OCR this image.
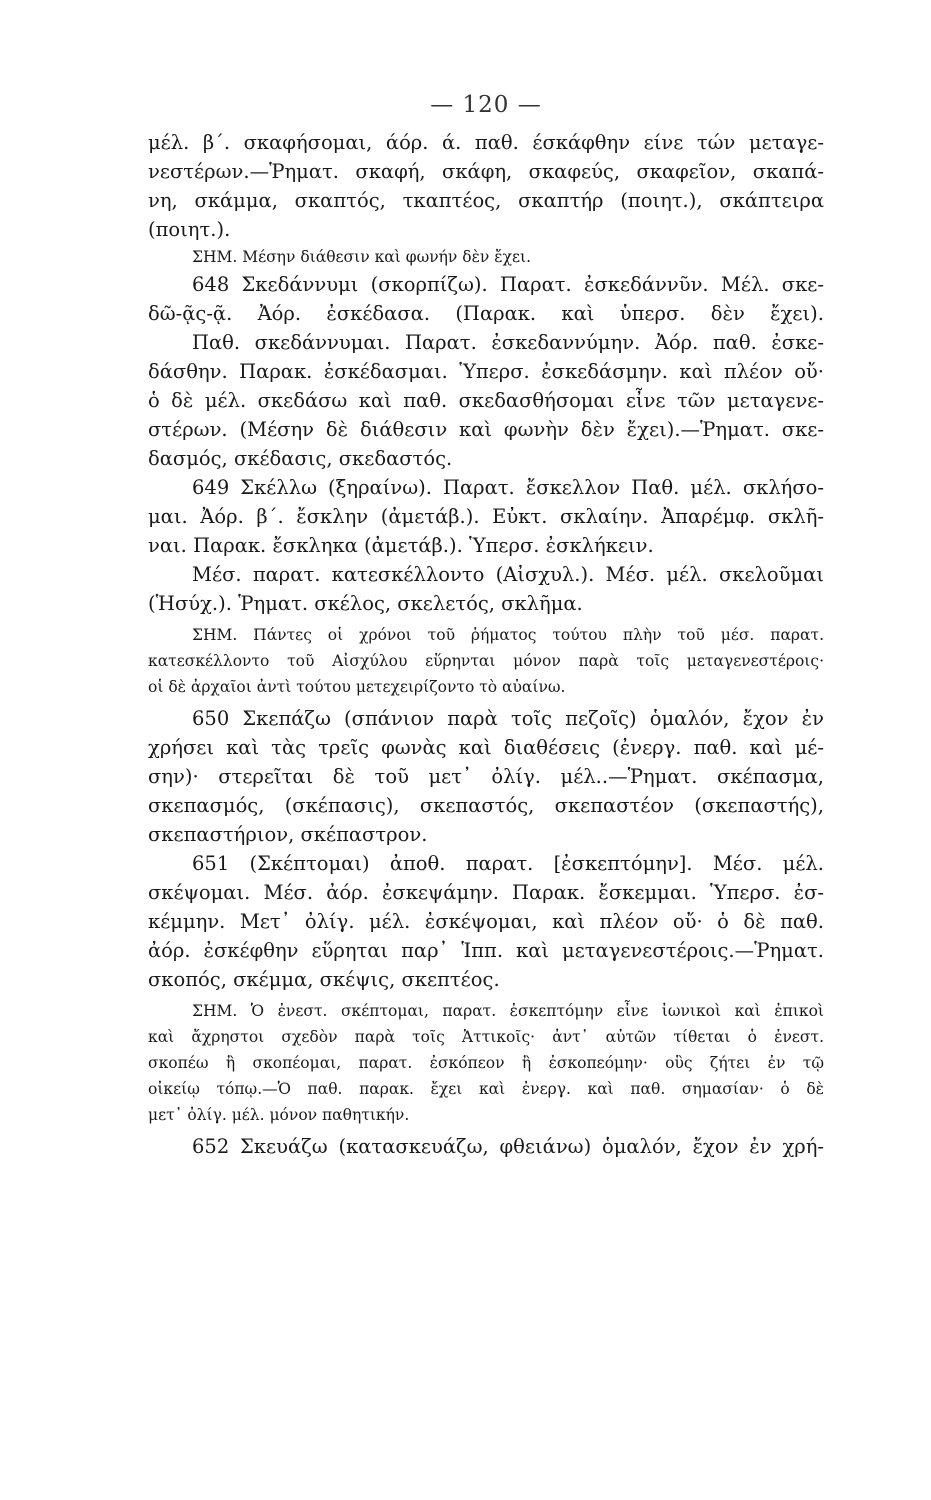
— 120 —
μέλ. β΄. σκαφήσομαι, άόρ. ά. παθ. έσκάφθην είνε τών μεταγε-
νεστέρων.—Ῥηματ. σκαφή, σκάφη, σκαφεύς, σκαφεῖον, σκαπά-
νη, σκάμμα, σκαπτός, τκαπτέος, σκαπτήρ (ποιητ.), σκάπτειρα
(ποιητ.).
ΣΗΜ. Μέσην διάθεσιν καὶ φωνήν δὲν ἔχει.
648 Σκεδάννυμι (σκορπίζω). Παρατ. ἐσκεδάννῦν. Μέλ. σκε-
δῶ-ᾷς-ᾷ. Ἀόρ. ἐσκέδασα. (Παρακ. καὶ ὑπερσ. δὲν ἔχει).
Παθ. σκεδάννυμαι. Παρατ. ἐσκεδαννύμην. Ἀόρ. παθ. ἐσκε-
δάσθην. Παρακ. ἐσκέδασμαι. Ὑπερσ. ἐσκεδάσμην. καὶ πλέον οὔ·
ὁ δὲ μέλ. σκεδάσω καὶ παθ. σκεδασθήσομαι εἶνε τῶν μεταγενε-
στέρων. (Μέσην δὲ διάθεσιν καὶ φωνὴν δὲν ἔχει).—Ῥηματ. σκε-
δασμός, σκέδασις, σκεδαστός.
649 Σκέλλω (ξηραίνω). Παρατ. ἔσκελλον Παθ. μέλ. σκλήσο-
μαι. Ἀόρ. β΄. ἔσκλην (ἀμετάβ.). Εὐκτ. σκλαίην. Ἀπαρέμφ. σκλῆ-
ναι. Παρακ. ἔσκληκα (ἀμετάβ.). Ὑπερσ. ἐσκλήκειν.
Μέσ. παρατ. κατεσκέλλοντο (Αἰσχυλ.). Μέσ. μέλ. σκελοῦμαι
(Ἡσύχ.). Ῥηματ. σκέλος, σκελετός, σκλῆμα.
ΣΗΜ. Πάντες οἱ χρόνοι τοῦ ῥήματος τούτου πλὴν τοῦ μέσ. παρατ.
κατεσκέλλοντο τοῦ Αἰσχύλου εὕρηνται μόνον παρὰ τοῖς μεταγενεστέροις·
οἱ δὲ ἀρχαῖοι ἀντὶ τούτου μετεχειρίζοντο τὸ αὐαίνω.
650 Σκεπάζω (σπάνιον παρὰ τοῖς πεζοῖς) ὁμαλόν, ἔχον ἐν
χρήσει καὶ τὰς τρεῖς φωνὰς καὶ διαθέσεις (ἐνεργ. παθ. καὶ μέ-
σην)· στερεῖται δὲ τοῦ μετ᾽ ὀλίγ. μέλ..—Ῥηματ. σκέπασμα,
σκεπασμός, (σκέπασις), σκεπαστός, σκεπαστέον (σκεπαστής),
σκεπαστήριον, σκέπαστρον.
651 (Σκέπτομαι) ἀποθ. παρατ. [ἐσκεπτόμην]. Μέσ. μέλ.
σκέψομαι. Μέσ. ἀόρ. ἐσκεψάμην. Παρακ. ἔσκεμμαι. Ὑπερσ. ἐσ-
κέμμην. Μετ᾽ ὀλίγ. μέλ. ἐσκέψομαι, καὶ πλέον οὔ· ὁ δὲ παθ.
ἀόρ. ἐσκέφθην εὕρηται παρ᾽ Ἱππ. καὶ μεταγενεστέροις.—Ῥηματ.
σκοπός, σκέμμα, σκέψις, σκεπτέος.
ΣΗΜ. Ὁ ἐνεστ. σκέπτομαι, παρατ. ἐσκεπτόμην εἶνε ἰωνικοὶ καὶ ἐπικοὶ
καὶ ἄχρηστοι σχεδὸν παρὰ τοῖς Ἀττικοῖς· ἀντ᾽ αὐτῶν τίθεται ὁ ἐνεστ.
σκοπέω ἢ σκοπέομαι, παρατ. ἐσκόπεον ἢ ἐσκοπεόμην· οὓς ζήτει ἐν τῷ
οἰκείῳ τόπῳ.—Ὁ παθ. παρακ. ἔχει καὶ ἐνεργ. καὶ παθ. σημασίαν· ὁ δὲ
μετ᾽ ὀλίγ. μέλ. μόνον παθητικήν.
652 Σκευάζω (κατασκευάζω, φθειάνω) ὁμαλόν, ἔχον ἐν χρή-
